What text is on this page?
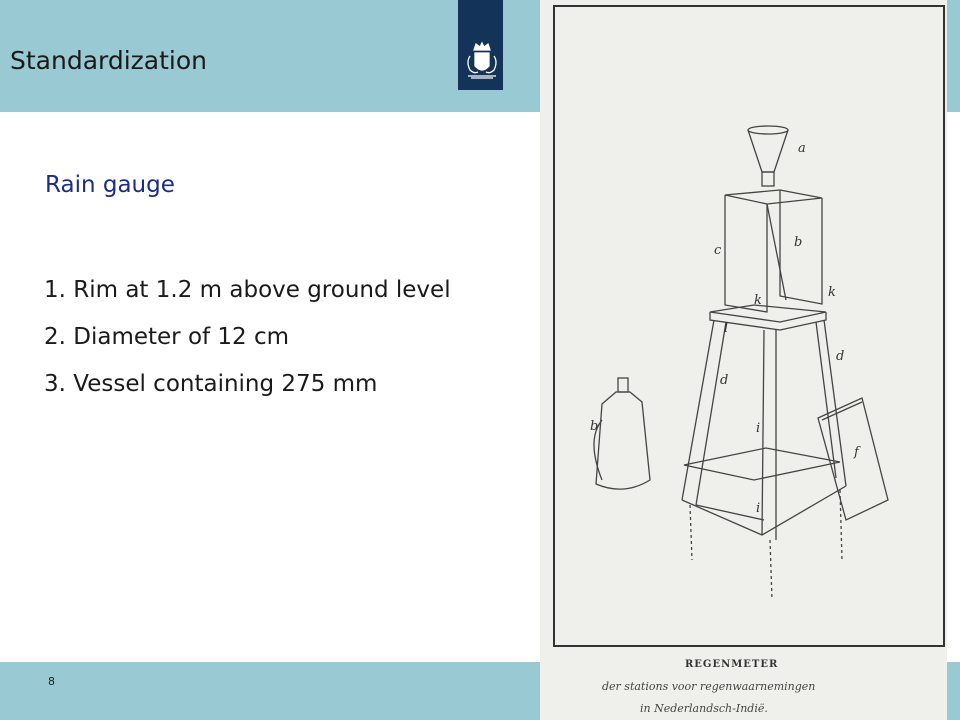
Standardization
Rain gauge
1. Rim at 1.2 m above ground level
2. Diameter of 12 cm
3. Vessel containing 275 mm
8
a
b
c
k
k
d
d
b
f
l
i
i
REGENMETER
der stations voor regenwaarnemingen
in Nederlandsch-Indië.
